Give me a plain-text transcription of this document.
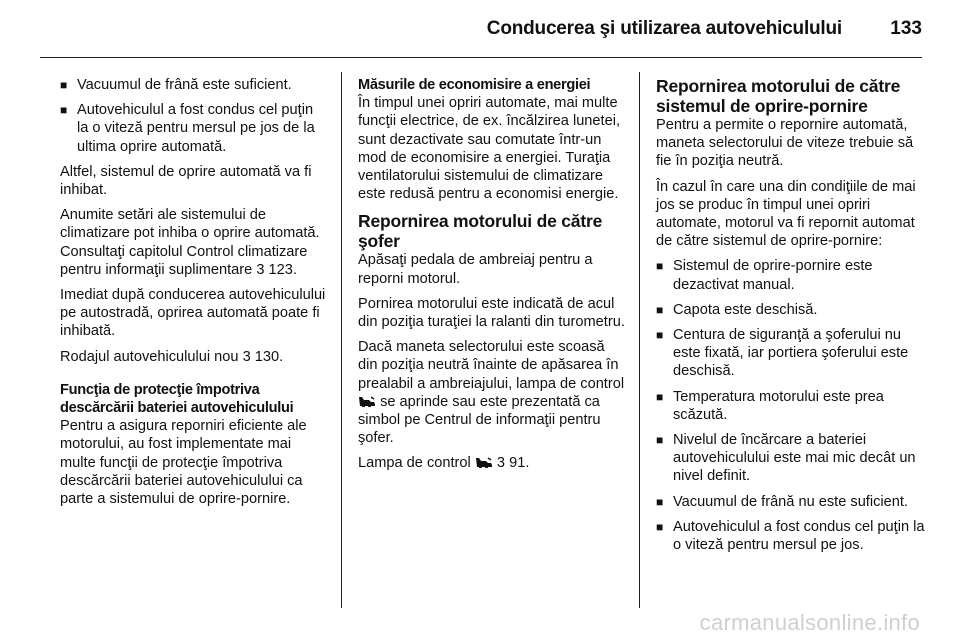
Conducerea şi utilizarea autovehiculului	133
■ Vacuumul de frână este suficient.
■ Autovehiculul a fost condus cel puţin la o viteză pentru mersul pe jos de la ultima oprire automată.

Altfel, sistemul de oprire automată va fi inhibat.

Anumite setări ale sistemului de climatizare pot inhiba o oprire automată. Consultaţi capitolul Control climatizare pentru informaţii suplimentare 3 123.

Imediat după conducerea autovehiculului pe autostradă, oprirea automată poate fi inhibată.

Rodajul autovehiculului nou 3 130.

Funcţia de protecţie împotriva descărcării bateriei autovehiculului

Pentru a asigura reporniri eficiente ale motorului, au fost implementate mai multe funcţii de protecţie împotriva descărcării bateriei autovehiculului ca parte a sistemului de oprire-pornire.

Măsurile de economisire a energiei

În timpul unei opriri automate, mai multe funcţii electrice, de ex. încălzirea lunetei, sunt dezactivate sau comutate într-un mod de economisire a energiei. Turaţia ventilatorului sistemului de climatizare este redusă pentru a economisi energie.

Repornirea motorului de către şofer

Apăsaţi pedala de ambreiaj pentru a reporni motorul.

Pornirea motorului este indicată de acul din poziţia turaţiei la ralanti din turometru.

Dacă maneta selectorului este scoasă din poziţia neutră înainte de apăsarea în prealabil a ambreiajului, lampa de control  se aprinde sau este prezentată ca simbol pe Centrul de informaţii pentru şofer.

Lampa de control 3 91.

Repornirea motorului de către sistemul de oprire-pornire

Pentru a permite o repornire automată, maneta selectorului de viteze trebuie să fie în poziţia neutră.

În cazul în care una din condiţiile de mai jos se produc în timpul unei opriri automate, motorul va fi repornit automat de către sistemul de oprire-pornire:

■ Sistemul de oprire-pornire este dezactivat manual.
■ Capota este deschisă.
■ Centura de siguranţă a şoferului nu este fixată, iar portiera şoferului este deschisă.
■ Temperatura motorului este prea scăzută.
■ Nivelul de încărcare a bateriei autovehiculului este mai mic decât un nivel definit.
■ Vacuumul de frână nu este suficient.
■ Autovehiculul a fost condus cel puţin la o viteză pentru mersul pe jos.
carmanualsonline.info
